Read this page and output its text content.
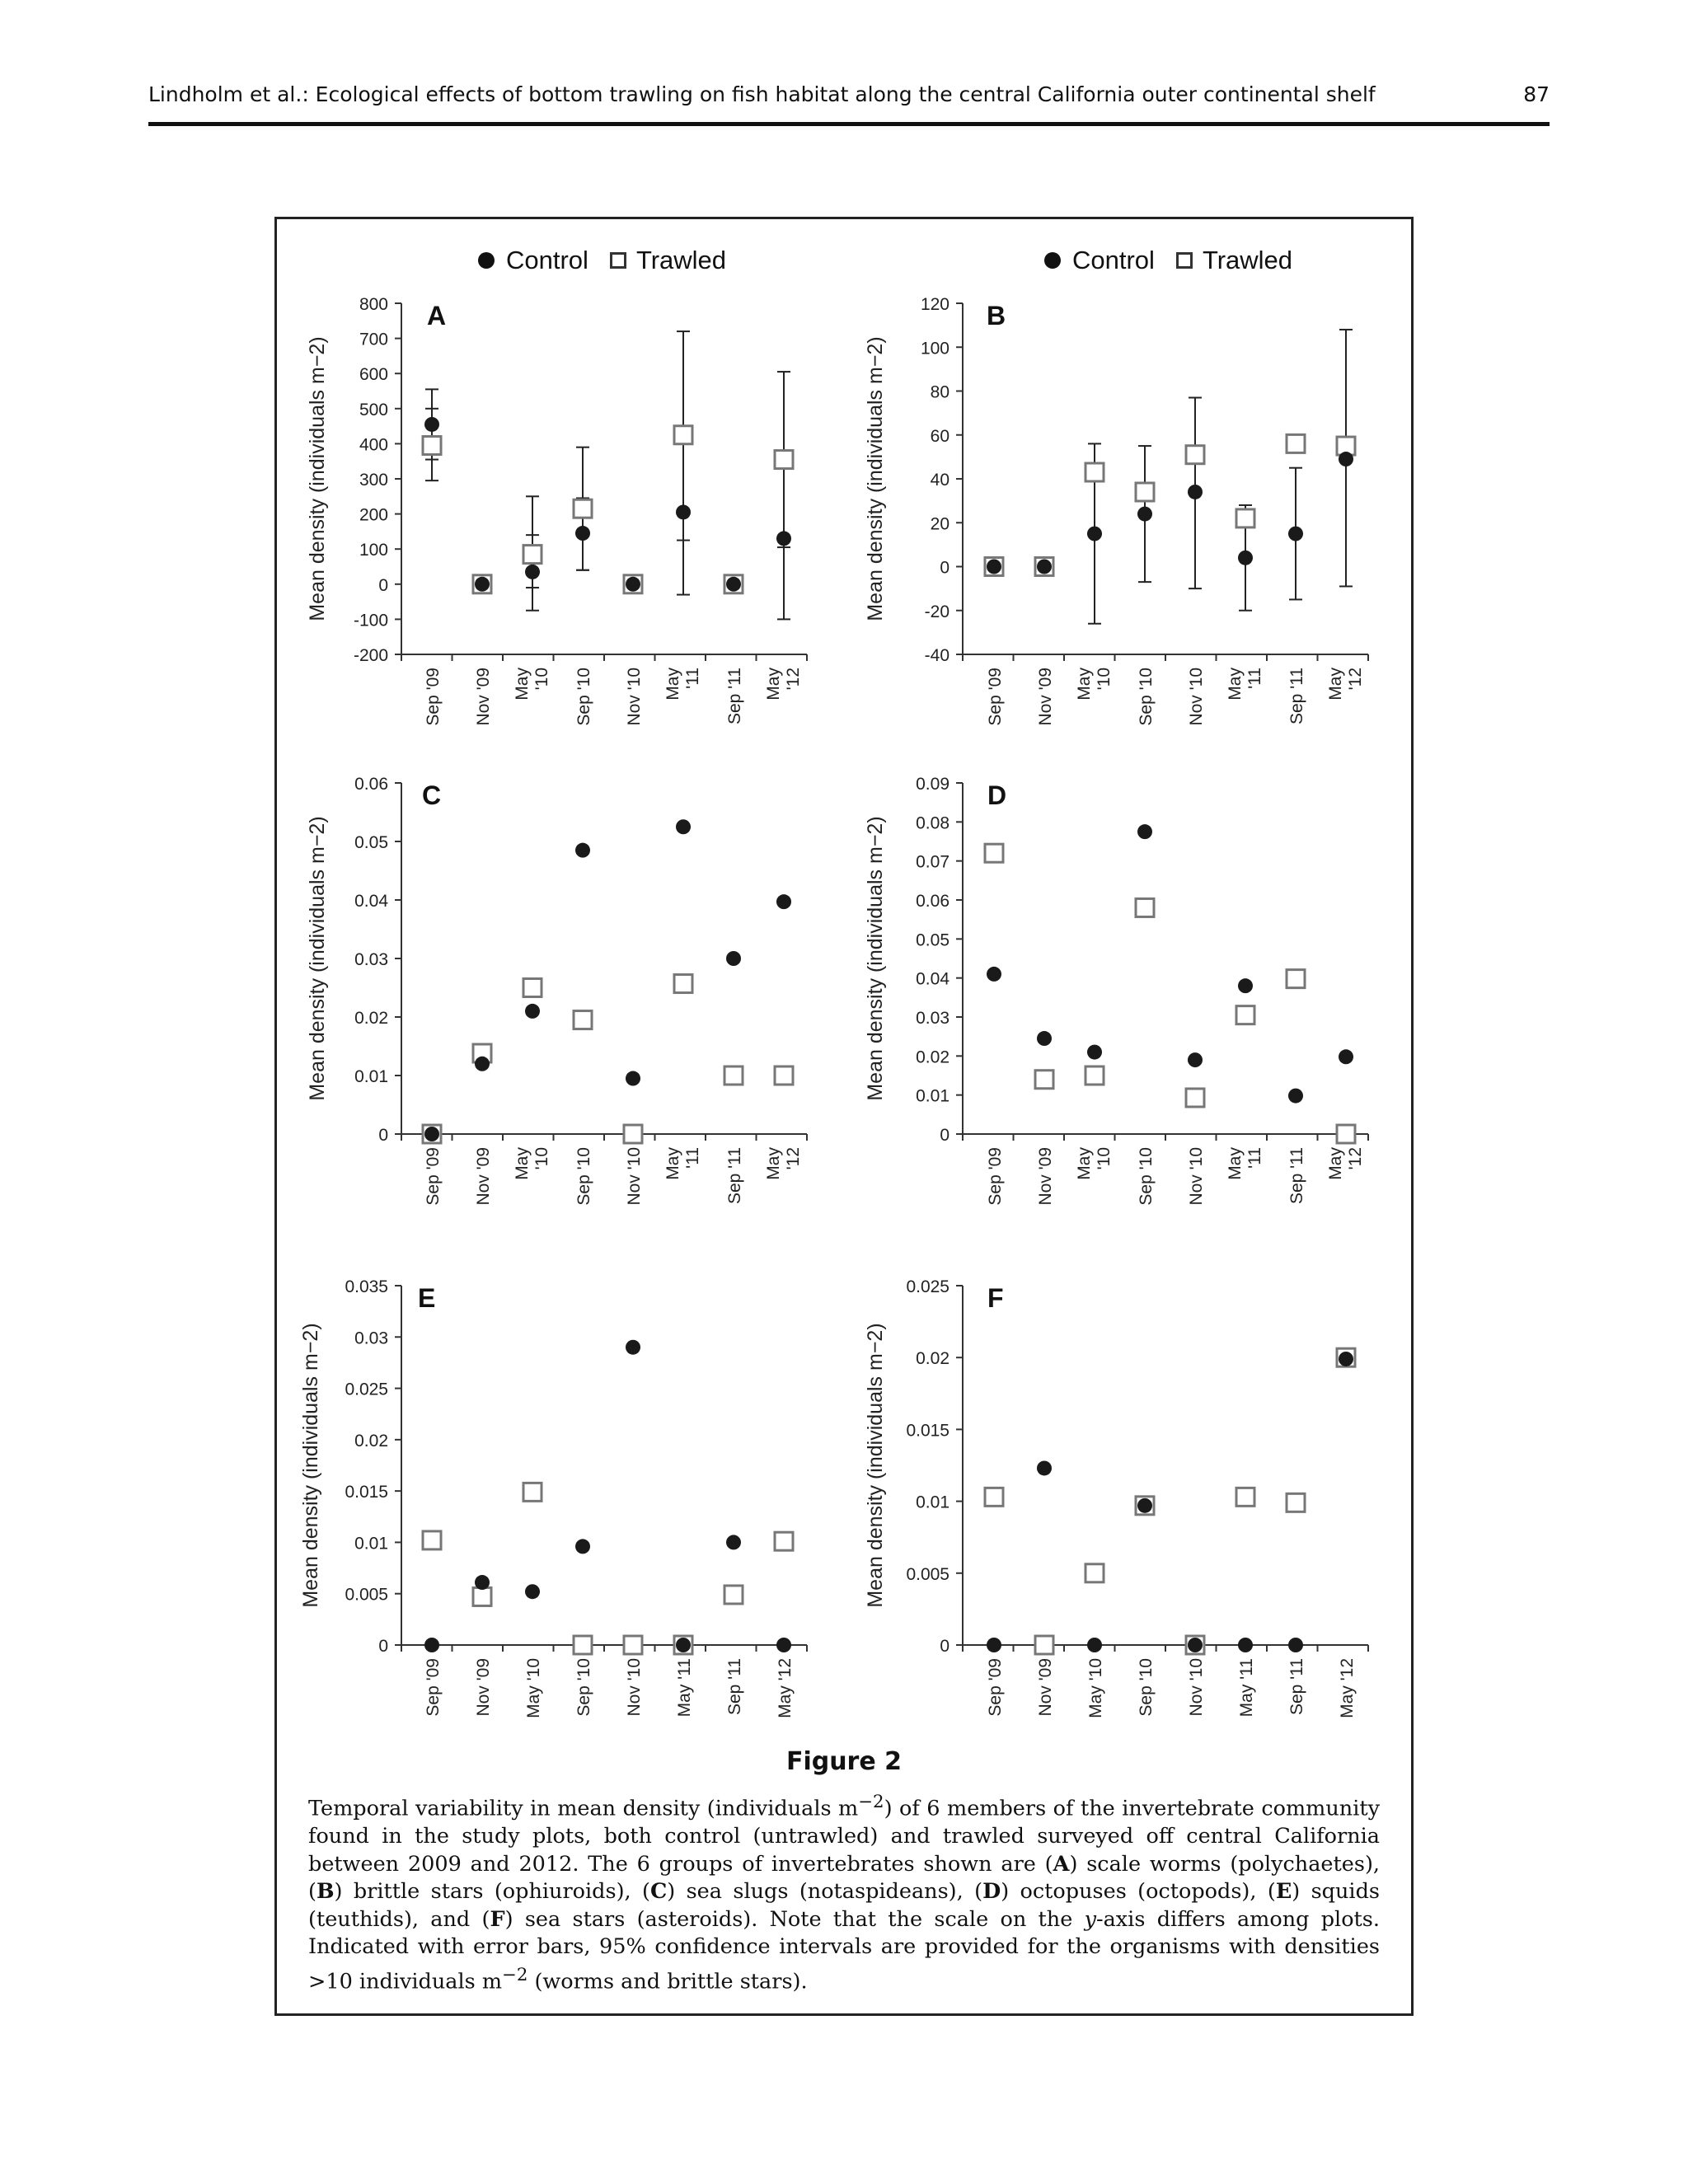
Lindholm et al.: Ecological effects of bottom trawling on fish habitat along the central California outer continental shelf	87
Control Trawled	Control Trawled
-200
-100
0
100
200
300
400
500
600
700
800
Sep '09 Nov '09 May'10 Sep '10 Nov '10 May'11 Sep '11 May'12
Mean density (individuals m−2)
A
-40
-20
0
20
40
60
80
100
120
Sep '09 Nov '09 May'10 Sep '10 Nov '10 May'11 Sep '11 May'12
Mean density (individuals m−2)
B
0
0.01
0.02
0.03
0.04
0.05
0.06
Sep '09 Nov '09 May'10 Sep '10 Nov '10 May'11 Sep '11 May'12
Mean density (individuals m−2)
C
0
0.01
0.02
0.03
0.04
0.05
0.06
0.07
0.08
0.09
Sep '09 Nov '09 May'10 Sep '10 Nov '10 May'11 Sep '11 May'12
Mean density (individuals m−2)
D
0
0.005
0.01
0.015
0.02
0.025
0.03
0.035
Sep '09 Nov '09 May '10 Sep '10 Nov '10 May '11 Sep '11 May '12
Mean density (individuals m−2)
E
0
0.005
0.01
0.015
0.02
0.025
Sep '09 Nov '09 May '10 Sep '10 Nov '10 May '11 Sep '11 May '12
Mean density (individuals m−2)
F
Figure 2
Temporal variability in mean density (individuals $m^{-2}$) of 6 members of the invertebrate community found in the study plots, both control (untrawled) and trawled surveyed off central California between 2009 and 2012. The 6 groups of invertebrates shown are (A) scale worms (polychaetes), (B) brittle stars (ophiuroids), (C) sea slugs (notaspideans), (D) octopuses (octopods), (E) squids (teuthids), and (F) sea stars (asteroids). Note that the scale on the y-axis differs among plots. Indicated with error bars, 95% confidence intervals are provided for the organisms with densities >10 individuals $m^{-2}$ (worms and brittle stars).
